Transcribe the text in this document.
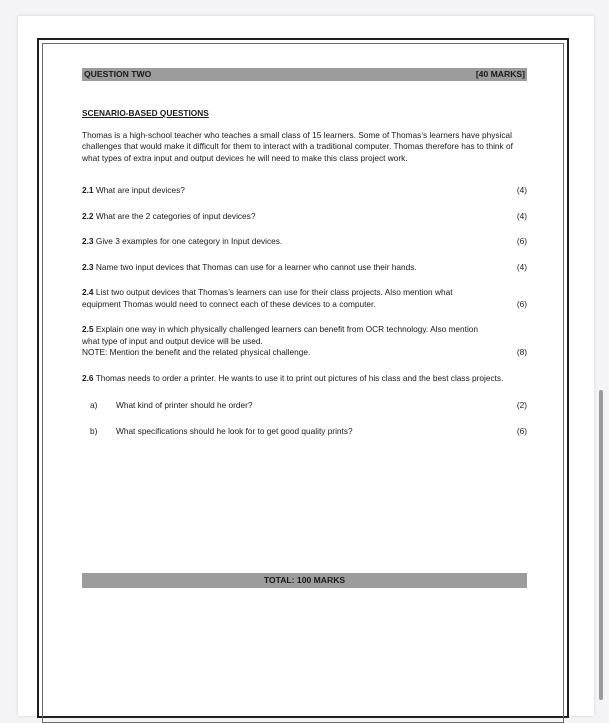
QUESTION TWO	[40 MARKS]
SCENARIO-BASED QUESTIONS
Thomas is a high-school teacher who teaches a small class of 15 learners. Some of Thomas’s learners have physical challenges that would make it difficult for them to interact with a traditional computer. Thomas therefore has to think of what types of extra input and output devices he will need to make this class project work.
2.1 What are input devices?	(4)
2.2 What are the 2 categories of input devices?	(4)
2.3 Give 3 examples for one category in Input devices.	(6)
2.3 Name two input devices that Thomas can use for a learner who cannot use their hands.	(4)
2.4 List two output devices that Thomas’s learners can use for their class projects. Also mention what equipment Thomas would need to connect each of these devices to a computer.	(6)
2.5 Explain one way in which physically challenged learners can benefit from OCR technology. Also mention what type of input and output device will be used.
NOTE: Mention the benefit and the related physical challenge.	(8)
2.6 Thomas needs to order a printer. He wants to use it to print out pictures of his class and the best class projects.
a)	What kind of printer should he order?	(2)
b)	What specifications should he look for to get good quality prints?	(6)
TOTAL: 100 MARKS
